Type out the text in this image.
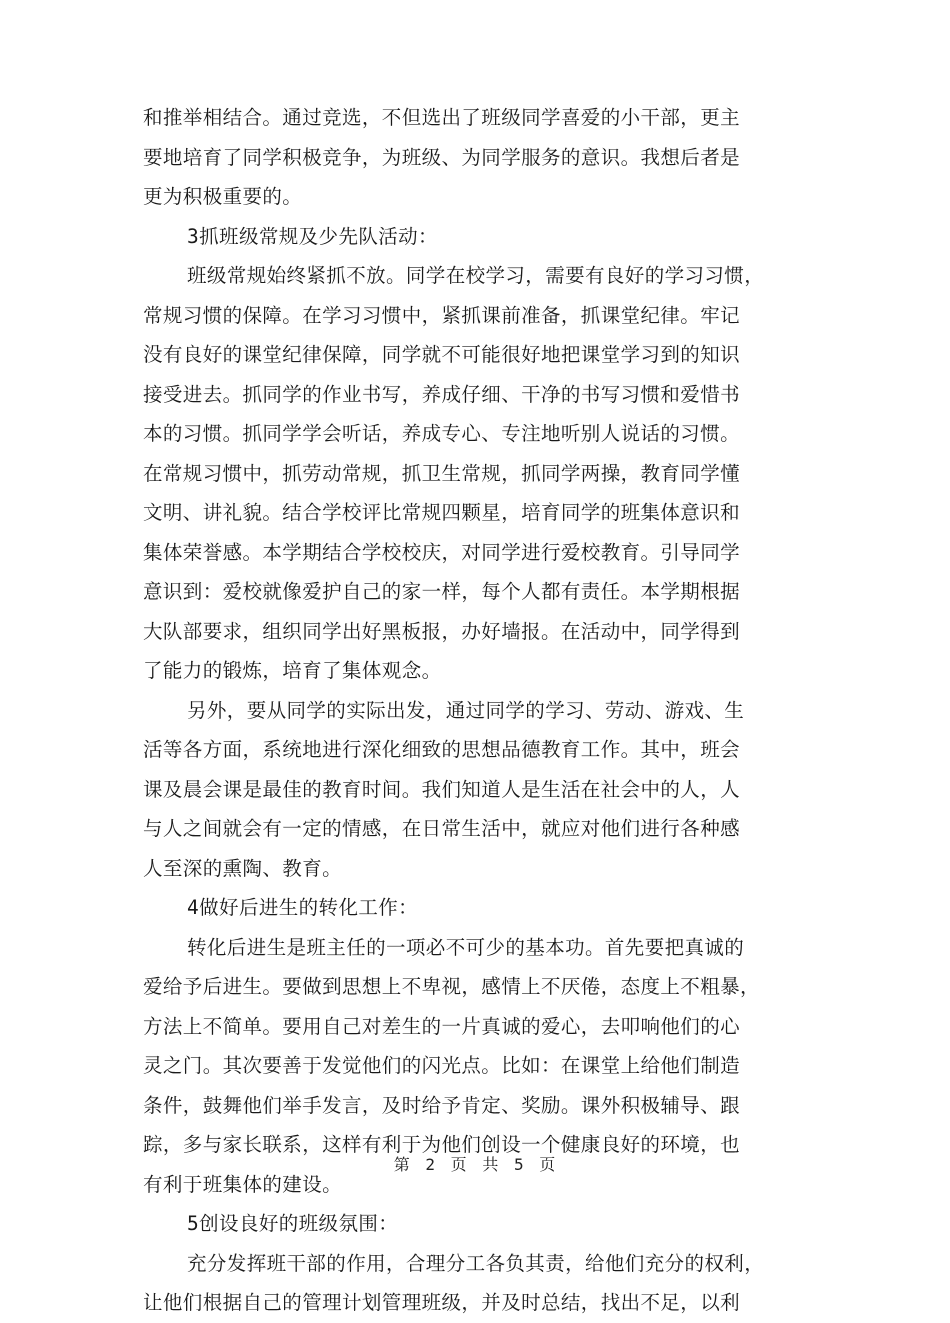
和推举相结合。通过竞选，不但选出了班级同学喜爱的小干部，更主
要地培育了同学积极竞争，为班级、为同学服务的意识。我想后者是
更为积极重要的。
3抓班级常规及少先队活动：
班级常规始终紧抓不放。同学在校学习，需要有良好的学习习惯，
常规习惯的保障。在学习习惯中，紧抓课前准备，抓课堂纪律。牢记
没有良好的课堂纪律保障，同学就不可能很好地把课堂学习到的知识
接受进去。抓同学的作业书写，养成仔细、干净的书写习惯和爱惜书
本的习惯。抓同学学会听话，养成专心、专注地听别人说话的习惯。
在常规习惯中，抓劳动常规，抓卫生常规，抓同学两操，教育同学懂
文明、讲礼貌。结合学校评比常规四颗星，培育同学的班集体意识和
集体荣誉感。本学期结合学校校庆，对同学进行爱校教育。引导同学
意识到：爱校就像爱护自己的家一样，每个人都有责任。本学期根据
大队部要求，组织同学出好黑板报，办好墙报。在活动中，同学得到
了能力的锻炼，培育了集体观念。
另外，要从同学的实际出发，通过同学的学习、劳动、游戏、生
活等各方面，系统地进行深化细致的思想品德教育工作。其中，班会
课及晨会课是最佳的教育时间。我们知道人是生活在社会中的人，人
与人之间就会有一定的情感，在日常生活中，就应对他们进行各种感
人至深的熏陶、教育。
4做好后进生的转化工作：
转化后进生是班主任的一项必不可少的基本功。首先要把真诚的
爱给予后进生。要做到思想上不卑视，感情上不厌倦，态度上不粗暴，
方法上不简单。要用自己对差生的一片真诚的爱心，去叩响他们的心
灵之门。其次要善于发觉他们的闪光点。比如：在课堂上给他们制造
条件，鼓舞他们举手发言，及时给予肯定、奖励。课外积极辅导、跟
踪，多与家长联系，这样有利于为他们创设一个健康良好的环境，也
有利于班集体的建设。
5创设良好的班级氛围：
充分发挥班干部的作用，合理分工各负其责，给他们充分的权利，
让他们根据自己的管理计划管理班级，并及时总结，找出不足，以利
第 2 页 共 5 页
